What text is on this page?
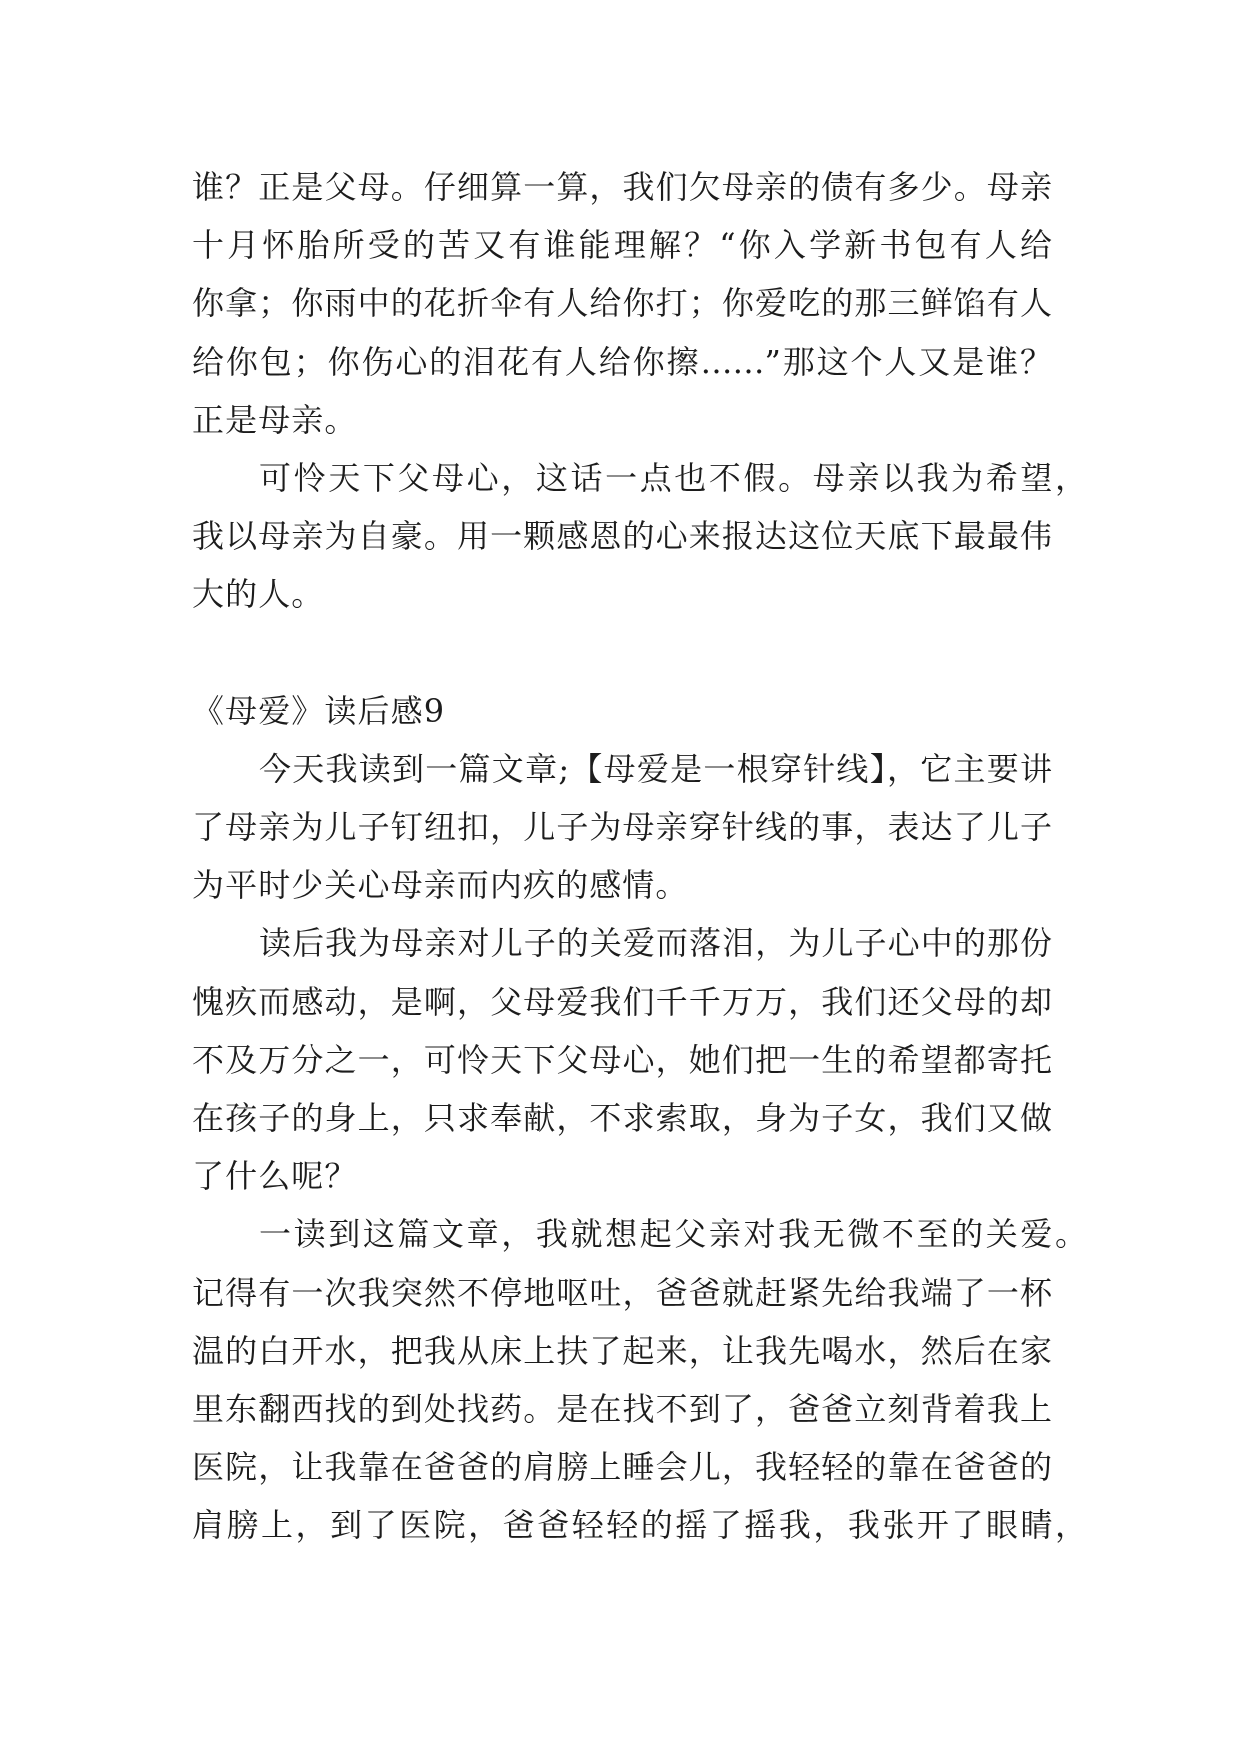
谁？正是父母。仔细算一算，我们欠母亲的债有多少。母亲
十月怀胎所受的苦又有谁能理解？“你入学新书包有人给
你拿；你雨中的花折伞有人给你打；你爱吃的那三鲜馅有人
给你包；你伤心的泪花有人给你擦……”那这个人又是谁？
正是母亲。
可怜天下父母心，这话一点也不假。母亲以我为希望，
我以母亲为自豪。用一颗感恩的心来报达这位天底下最最伟
大的人。
《母爱》读后感9
今天我读到一篇文章;【母爱是一根穿针线】，它主要讲
了母亲为儿子钉纽扣，儿子为母亲穿针线的事，表达了儿子
为平时少关心母亲而内疚的感情。
读后我为母亲对儿子的关爱而落泪，为儿子心中的那份
愧疚而感动，是啊，父母爱我们千千万万，我们还父母的却
不及万分之一，可怜天下父母心，她们把一生的希望都寄托
在孩子的身上，只求奉献，不求索取，身为子女，我们又做
了什么呢？
一读到这篇文章，我就想起父亲对我无微不至的关爱。
记得有一次我突然不停地呕吐，爸爸就赶紧先给我端了一杯
温的白开水，把我从床上扶了起来，让我先喝水，然后在家
里东翻西找的到处找药。是在找不到了，爸爸立刻背着我上
医院，让我靠在爸爸的肩膀上睡会儿，我轻轻的靠在爸爸的
肩膀上，到了医院，爸爸轻轻的摇了摇我，我张开了眼睛，
